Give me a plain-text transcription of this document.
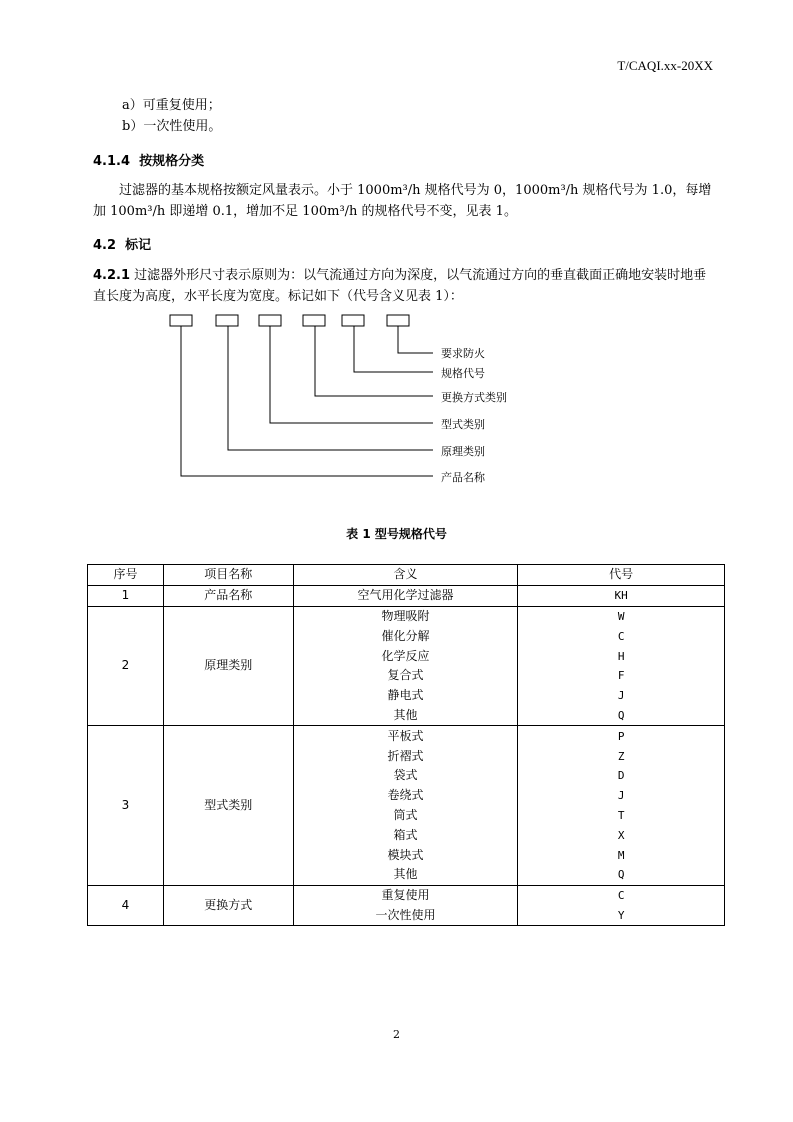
T/CAQI.xx-20XX
a）可重复使用；
b）一次性使用。
4.1.4 按规格分类
过滤器的基本规格按额定风量表示。小于 1000m³/h 规格代号为 0，1000m³/h 规格代号为 1.0，每增加 100m³/h 即递增 0.1，增加不足 100m³/h 的规格代号不变，见表 1。
4.2 标记
4.2.1 过滤器外形尺寸表示原则为：以气流通过方向为深度，以气流通过方向的垂直截面正确地安装时地垂直长度为高度，水平长度为宽度。标记如下（代号含义见表 1）：
要求防火
规格代号
更换方式类别
型式类别
原理类别
产品名称
表 1 型号规格代号
序号	项目名称	含义	代号
1	产品名称	空气用化学过滤器	KH
2	原理类别	物理吸附	W
		催化分解	C
		化学反应	H
		复合式	F
		静电式	J
		其他	Q
3	型式类别	平板式	P
		折褶式	Z
		袋式	D
		卷绕式	J
		筒式	T
		箱式	X
		模块式	M
		其他	Q
4	更换方式	重复使用	C
		一次性使用	Y
2
